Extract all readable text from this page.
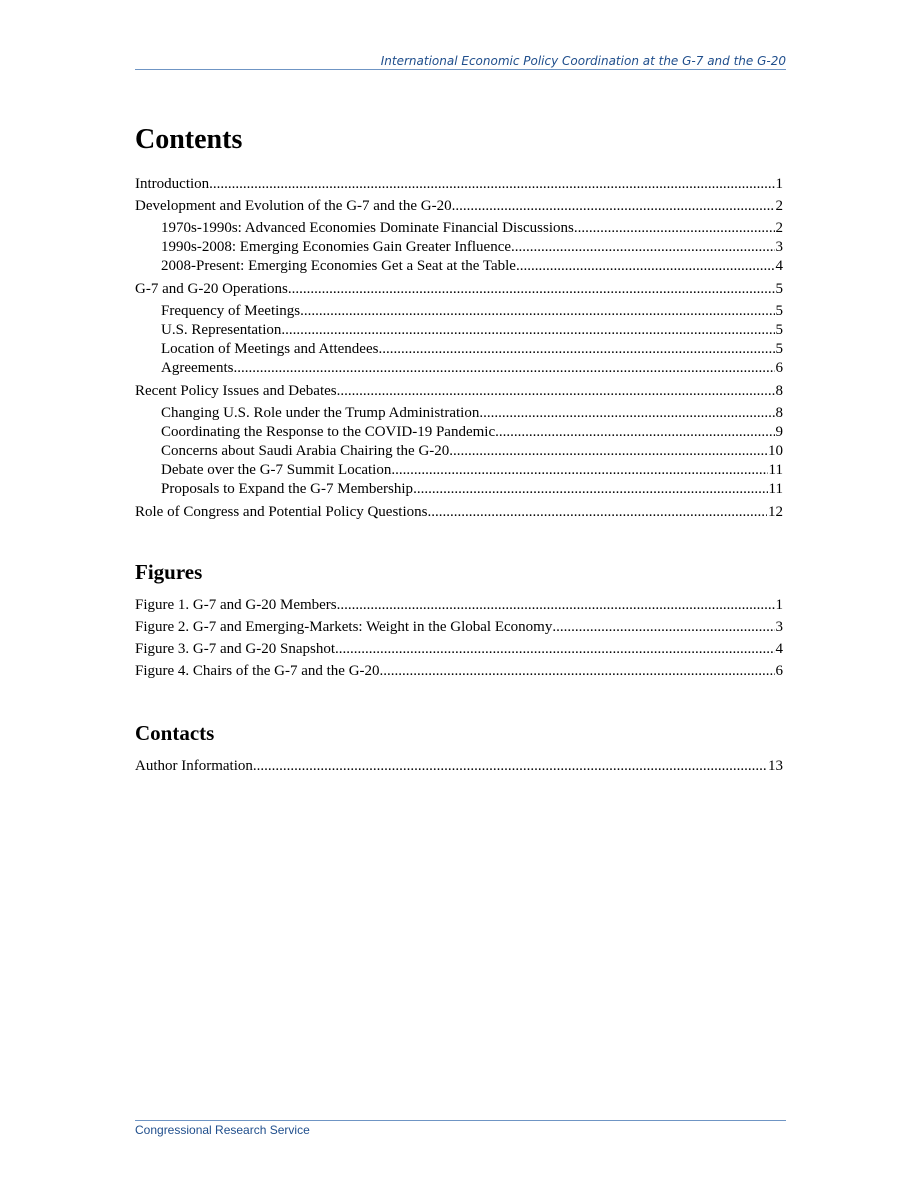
International Economic Policy Coordination at the G-7 and the G-20
Contents
Introduction .....	1
Development and Evolution of the G-7 and the G-20 .....	2
1970s-1990s: Advanced Economies Dominate Financial Discussions .....	2
1990s-2008: Emerging Economies Gain Greater Influence .....	3
2008-Present: Emerging Economies Get a Seat at the Table .....	4
G-7 and G-20 Operations .....	5
Frequency of Meetings .....	5
U.S. Representation .....	5
Location of Meetings and Attendees .....	5
Agreements .....	6
Recent Policy Issues and Debates .....	8
Changing U.S. Role under the Trump Administration .....	8
Coordinating the Response to the COVID-19 Pandemic .....	9
Concerns about Saudi Arabia Chairing the G-20 .....	10
Debate over the G-7 Summit Location .....	11
Proposals to Expand the G-7 Membership .....	11
Role of Congress and Potential Policy Questions .....	12
Figures
Figure 1. G-7 and G-20 Members .....	1
Figure 2. G-7 and Emerging-Markets: Weight in the Global Economy .....	3
Figure 3. G-7 and G-20 Snapshot .....	4
Figure 4. Chairs of the G-7 and the G-20 .....	6
Contacts
Author Information .....	13
Congressional Research Service
